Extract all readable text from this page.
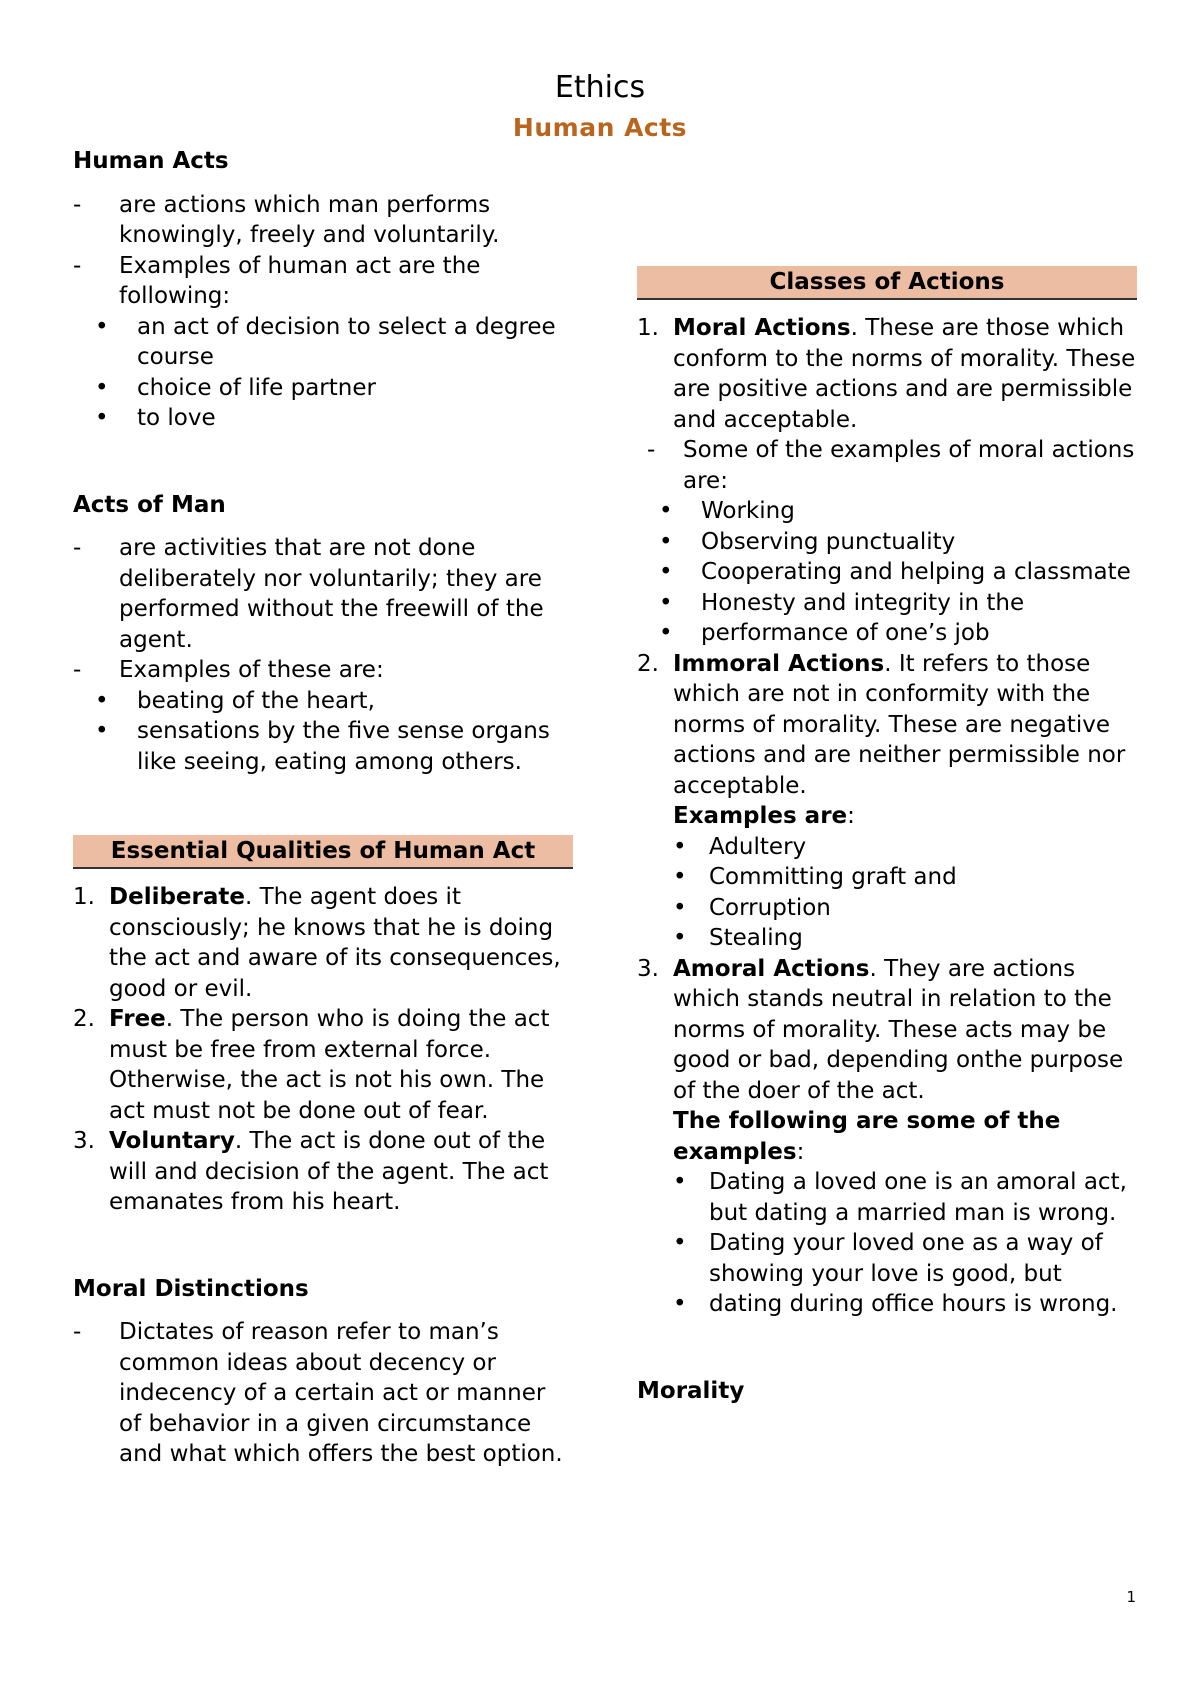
Ethics
Human Acts
Human Acts
-	are actions which man performs knowingly, freely and voluntarily.
-	Examples of human act are the following:
• an act of decision to select a degree course
• choice of life partner
• to love
Acts of Man
-	are activities that are not done deliberately nor voluntarily; they are performed without the freewill of the agent.
-	Examples of these are:
• beating of the heart,
• sensations by the five sense organs like seeing, eating among others.
Essential Qualities of Human Act
1. Deliberate. The agent does it consciously; he knows that he is doing the act and aware of its consequences, good or evil.
2. Free. The person who is doing the act must be free from external force. Otherwise, the act is not his own. The act must not be done out of fear.
3. Voluntary. The act is done out of the will and decision of the agent. The act emanates from his heart.
Moral Distinctions
-	Dictates of reason refer to man’s common ideas about decency or indecency of a certain act or manner of behavior in a given circumstance and what which offers the best option.
Classes of Actions
1. Moral Actions. These are those which conform to the norms of morality. These are positive actions and are permissible and acceptable.
-	Some of the examples of moral actions are:
• Working
• Observing punctuality
• Cooperating and helping a classmate
• Honesty and integrity in the
• performance of one’s job
2. Immoral Actions. It refers to those which are not in conformity with the norms of morality. These are negative actions and are neither permissible nor acceptable.
Examples are:
• Adultery
• Committing graft and
• Corruption
• Stealing
3. Amoral Actions. They are actions which stands neutral in relation to the norms of morality. These acts may be good or bad, depending onthe purpose of the doer of the act.
The following are some of the examples:
• Dating a loved one is an amoral act, but dating a married man is wrong.
• Dating your loved one as a way of showing your love is good, but
• dating during office hours is wrong.
Morality
1
